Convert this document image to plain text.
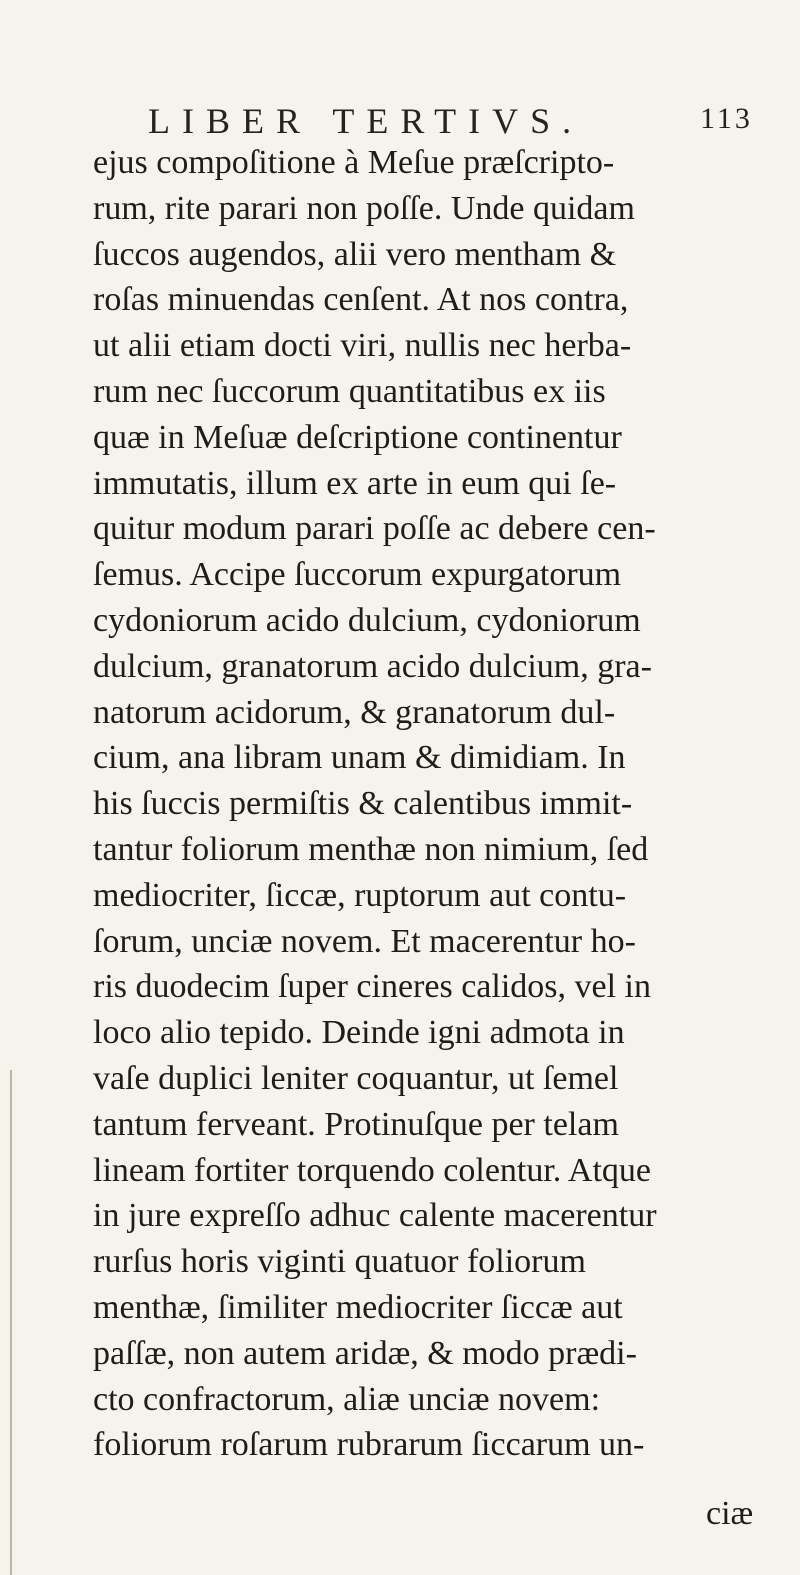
LIBER TERTIVS.	113
ejus compoſitione à Meſue præſcripto-
rum, rite parari non poſſe. Unde quidam
ſuccos augendos, alii vero mentham &
roſas minuendas cenſent. At nos contra,
ut alii etiam docti viri, nullis nec herba-
rum nec ſuccorum quantitatibus ex iis
quæ in Meſuæ deſcriptione continentur
immutatis, illum ex arte in eum qui ſe-
quitur modum parari poſſe ac debere cen-
ſemus. Accipe ſuccorum expurgatorum
cydoniorum acido dulcium, cydoniorum
dulcium, granatorum acido dulcium, gra-
natorum acidorum, & granatorum dul-
cium, ana libram unam & dimidiam. In
his ſuccis permiſtis & calentibus immit-
tantur foliorum menthæ non nimium, ſed
mediocriter, ſiccæ, ruptorum aut contu-
ſorum, unciæ novem. Et macerentur ho-
ris duodecim ſuper cineres calidos, vel in
loco alio tepido. Deinde igni admota in
vaſe duplici leniter coquantur, ut ſemel
tantum ferveant. Protinuſque per telam
lineam fortiter torquendo colentur. Atque
in jure expreſſo adhuc calente macerentur
rurſus horis viginti quatuor foliorum
menthæ, ſimiliter mediocriter ſiccæ aut
paſſæ, non autem aridæ, & modo prædi-
cto confractorum, aliæ unciæ novem:
foliorum roſarum rubrarum ſiccarum un-
ciæ
